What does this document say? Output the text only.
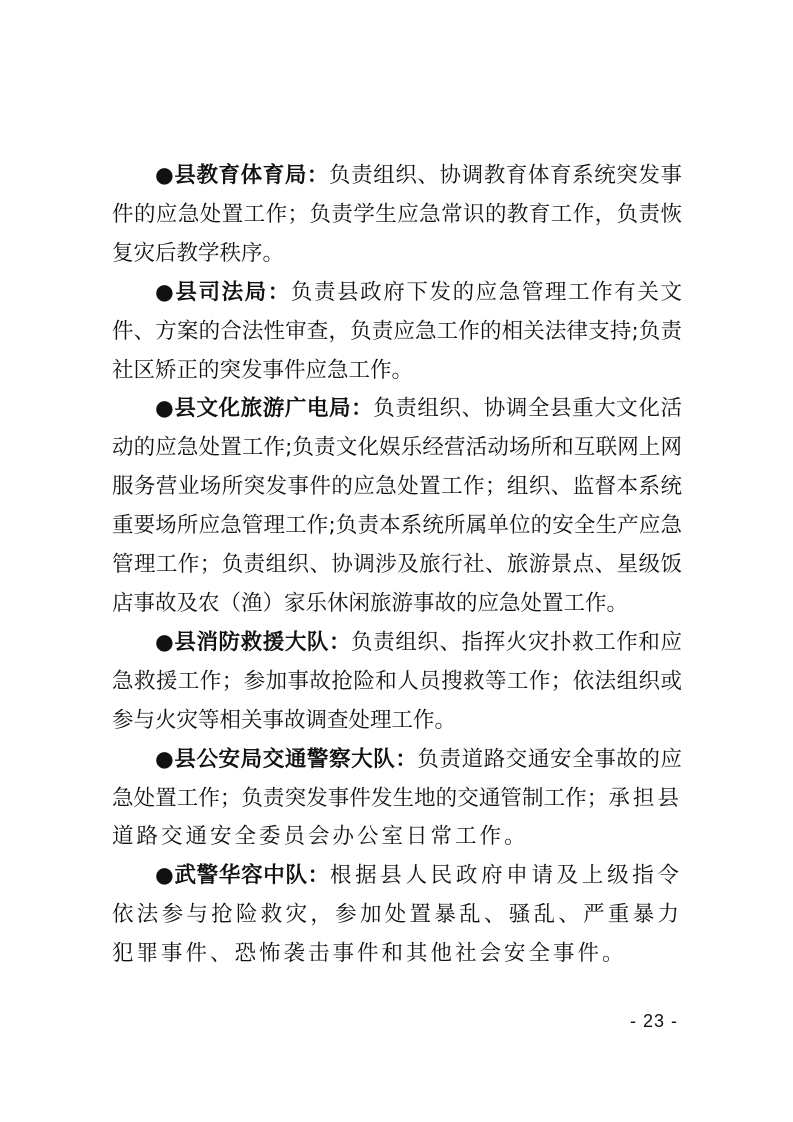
●县教育体育局：负责组织、协调教育体育系统突发事件的应急处置工作；负责学生应急常识的教育工作，负责恢复灾后教学秩序。

●县司法局：负责县政府下发的应急管理工作有关文件、方案的合法性审查，负责应急工作的相关法律支持;负责社区矫正的突发事件应急工作。

●县文化旅游广电局：负责组织、协调全县重大文化活动的应急处置工作;负责文化娱乐经营活动场所和互联网上网服务营业场所突发事件的应急处置工作；组织、监督本系统重要场所应急管理工作;负责本系统所属单位的安全生产应急管理工作；负责组织、协调涉及旅行社、旅游景点、星级饭店事故及农（渔）家乐休闲旅游事故的应急处置工作。

●县消防救援大队：负责组织、指挥火灾扑救工作和应急救援工作；参加事故抢险和人员搜救等工作；依法组织或参与火灾等相关事故调查处理工作。

●县公安局交通警察大队：负责道路交通安全事故的应急处置工作；负责突发事件发生地的交通管制工作；承担县道路交通安全委员会办公室日常工作。

●武警华容中队：根据县人民政府申请及上级指令依法参与抢险救灾，参加处置暴乱、骚乱、严重暴力犯罪事件、恐怖袭击事件和其他社会安全事件。

- 23 -
